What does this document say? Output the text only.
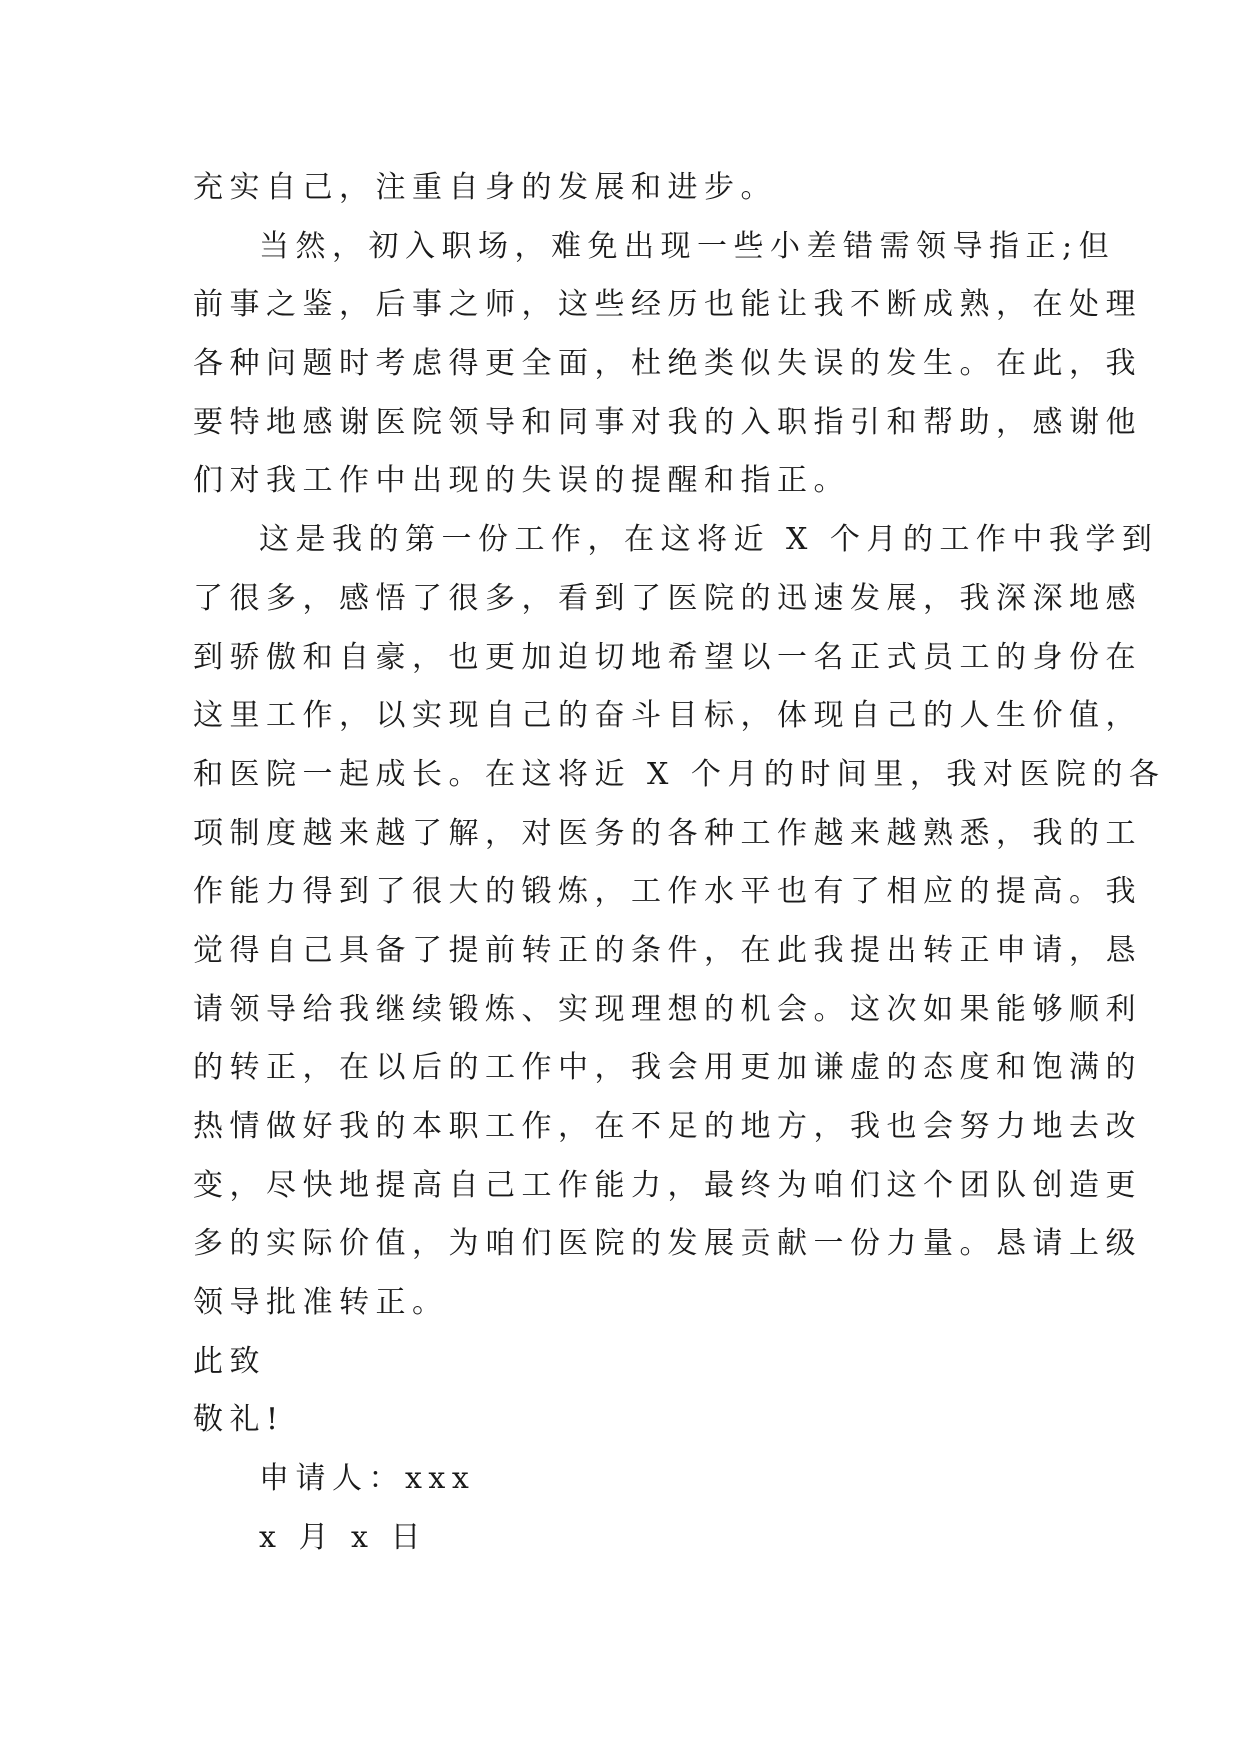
充实自己，注重自身的发展和进步。
当然，初入职场，难免出现一些小差错需领导指正;但
前事之鉴，后事之师，这些经历也能让我不断成熟，在处理
各种问题时考虑得更全面，杜绝类似失误的发生。在此，我
要特地感谢医院领导和同事对我的入职指引和帮助，感谢他
们对我工作中出现的失误的提醒和指正。
这是我的第一份工作，在这将近 X 个月的工作中我学到
了很多，感悟了很多，看到了医院的迅速发展，我深深地感
到骄傲和自豪，也更加迫切地希望以一名正式员工的身份在
这里工作，以实现自己的奋斗目标，体现自己的人生价值，
和医院一起成长。在这将近 X 个月的时间里，我对医院的各
项制度越来越了解，对医务的各种工作越来越熟悉，我的工
作能力得到了很大的锻炼，工作水平也有了相应的提高。我
觉得自己具备了提前转正的条件，在此我提出转正申请，恳
请领导给我继续锻炼、实现理想的机会。这次如果能够顺利
的转正，在以后的工作中，我会用更加谦虚的态度和饱满的
热情做好我的本职工作，在不足的地方，我也会努力地去改
变，尽快地提高自己工作能力，最终为咱们这个团队创造更
多的实际价值，为咱们医院的发展贡献一份力量。恳请上级
领导批准转正。
此致
敬礼!
申请人：xxx
x 月 x 日
